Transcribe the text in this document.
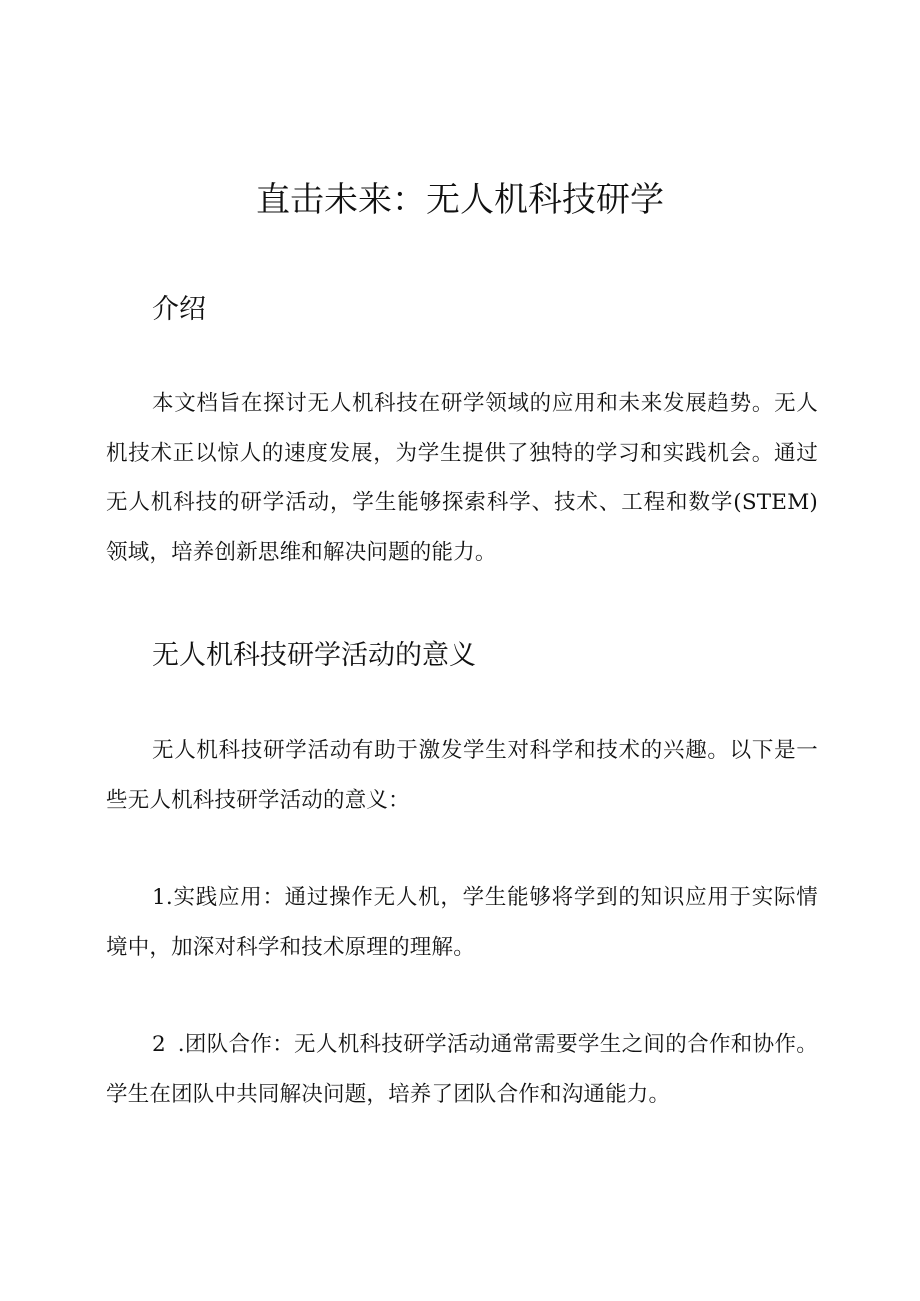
直击未来：无人机科技研学
介绍

本文档旨在探讨无人机科技在研学领域的应用和未来发展趋势。无人机技术正以惊人的速度发展，为学生提供了独特的学习和实践机会。通过无人机科技的研学活动，学生能够探索科学、技术、工程和数学(STEM)领域，培养创新思维和解决问题的能力。

无人机科技研学活动的意义

无人机科技研学活动有助于激发学生对科学和技术的兴趣。以下是一些无人机科技研学活动的意义：

1.实践应用：通过操作无人机，学生能够将学到的知识应用于实际情境中，加深对科学和技术原理的理解。

2.团队合作：无人机科技研学活动通常需要学生之间的合作和协作。学生在团队中共同解决问题，培养了团队合作和沟通能力。
